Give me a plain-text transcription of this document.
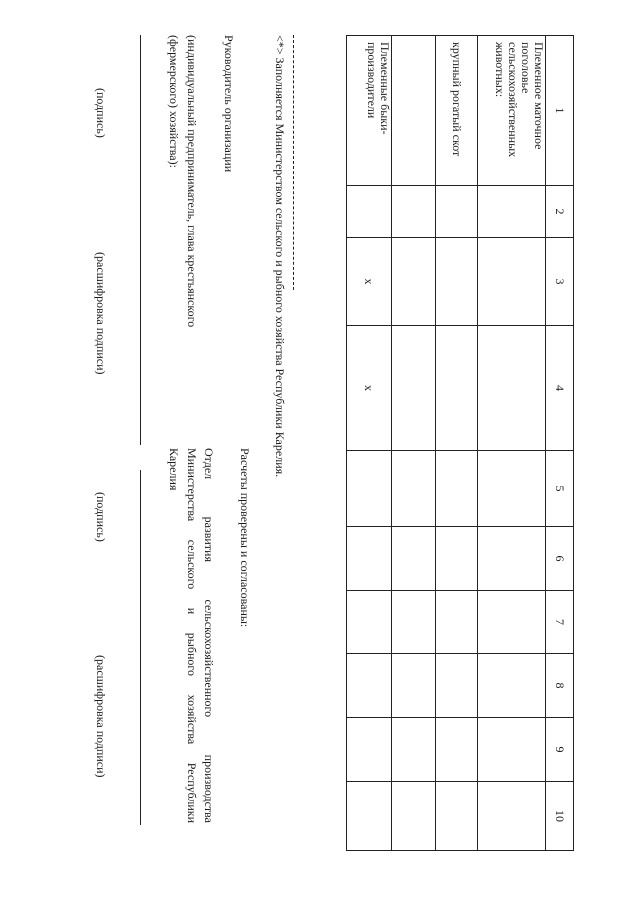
1	2	3	4	5	6	7	8	9	10
Племенное маточное поголовье сельскохозяйственных животных:									
крупный рогатый скот									

Племенные быки-производители		x	x						
<*> Заполняется Министерством сельского и рыбного хозяйства Республики Карелия.
Руководитель организации
(индивидуальный предприниматель, глава крестьянского
(фермерского) хозяйства):
(подпись)
(расшифровка подписи)
Расчеты проверены и согласованы:
Отдел развития сельскохозяйственного производства
Министерства сельского и рыбного хозяйства Республики
Карелия
(подпись)
(расшифровка подписи)
